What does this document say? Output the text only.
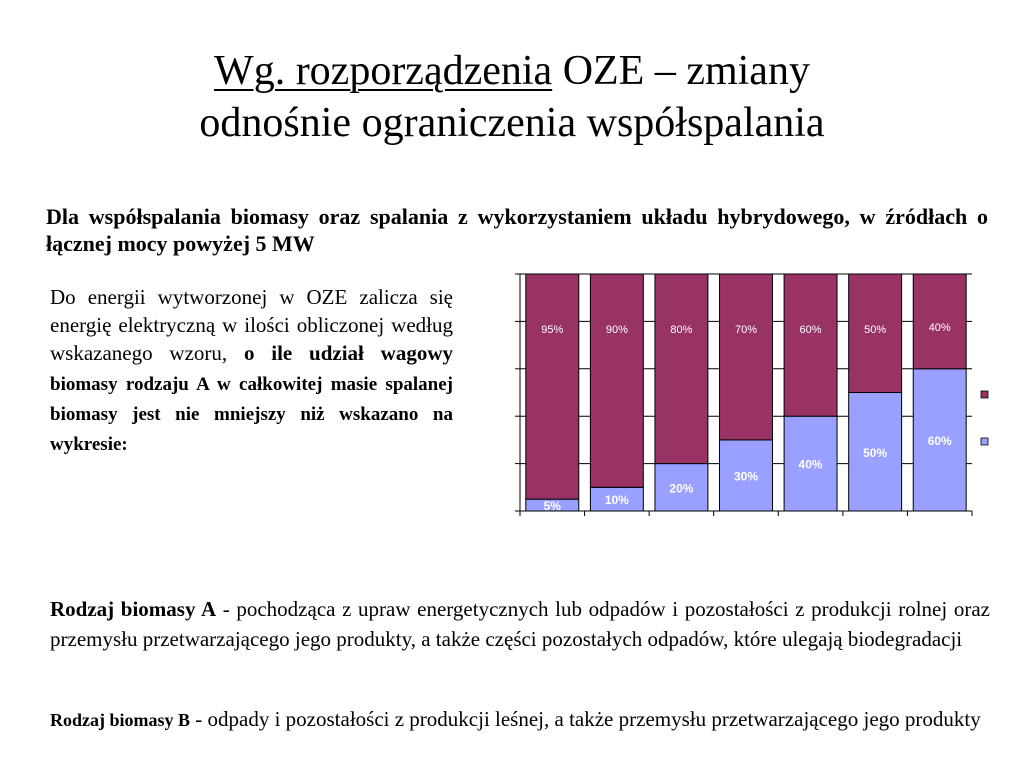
Wg. rozporządzenia OZE – zmiany
odnośnie ograniczenia współspalania
Dla współspalania biomasy oraz spalania z wykorzystaniem układu hybrydowego, w źródłach o łącznej mocy powyżej 5 MW
Do energii wytworzonej w OZE zalicza się energię elektryczną w ilości obliczonej według wskazanego wzoru, o ile udział wagowy biomasy rodzaju A w całkowitej masie spalanej biomasy jest nie mniejszy niż wskazano na wykresie:
5%
95%
10%
90%
20%
80%
30%
70%
40%
60%
50%
50%
60%
40%
Rodzaj biomasy A - pochodząca z upraw energetycznych lub odpadów i pozostałości z produkcji rolnej oraz przemysłu przetwarzającego jego produkty, a także części pozostałych odpadów, które ulegają biodegradacji
Rodzaj biomasy B - odpady i pozostałości z produkcji leśnej, a także przemysłu przetwarzającego jego produkty
